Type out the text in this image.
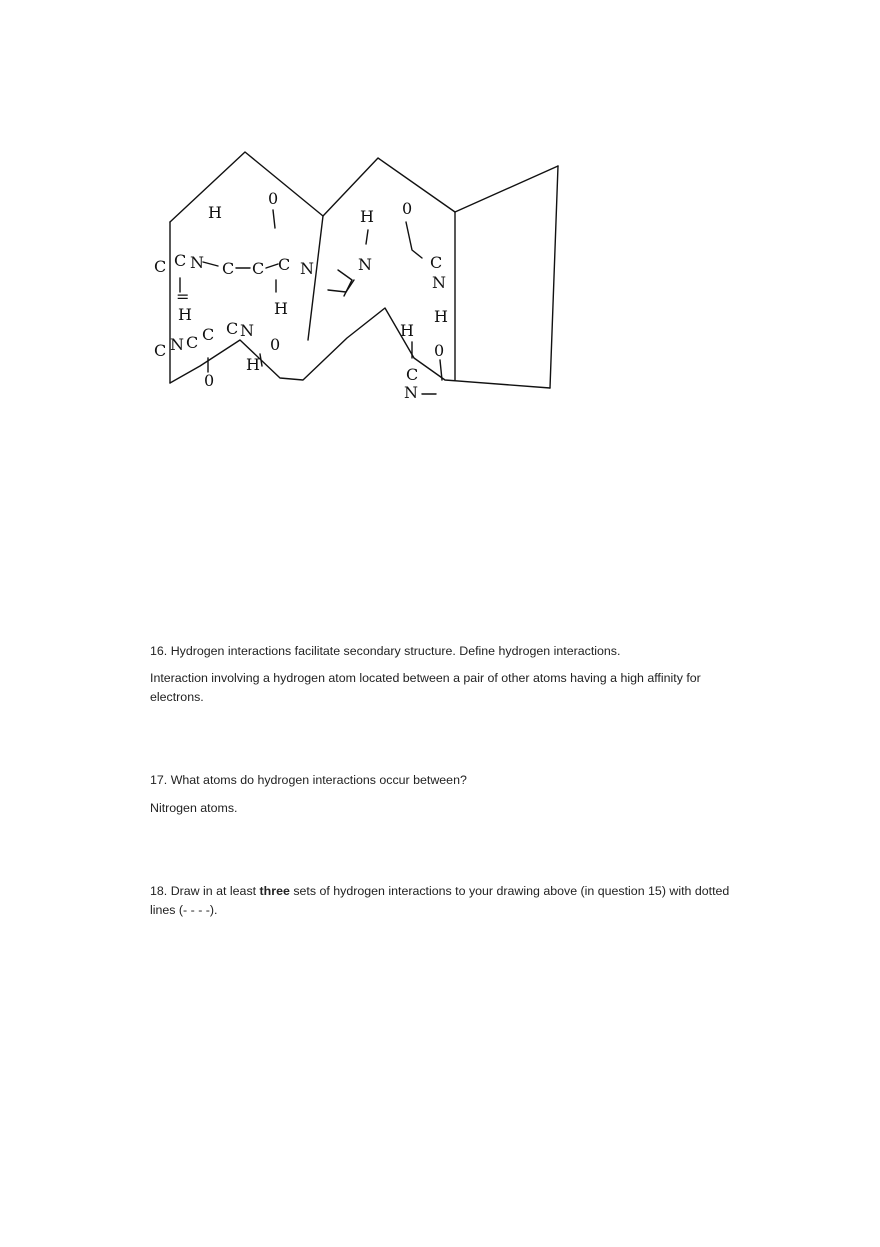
H
0
C C N C C C N
=
H	H
C N C C C N
0
0
H
H
N
0
C
N
H
H
C
N
0

16. Hydrogen interactions facilitate secondary structure. Define hydrogen interactions.

Interaction involving a hydrogen atom located between a pair of other atoms having a high affinity for electrons.

17. What atoms do hydrogen interactions occur between?

Nitrogen atoms.

18. Draw in at least three sets of hydrogen interactions to your drawing above (in question 15) with dotted lines (- - - -).
